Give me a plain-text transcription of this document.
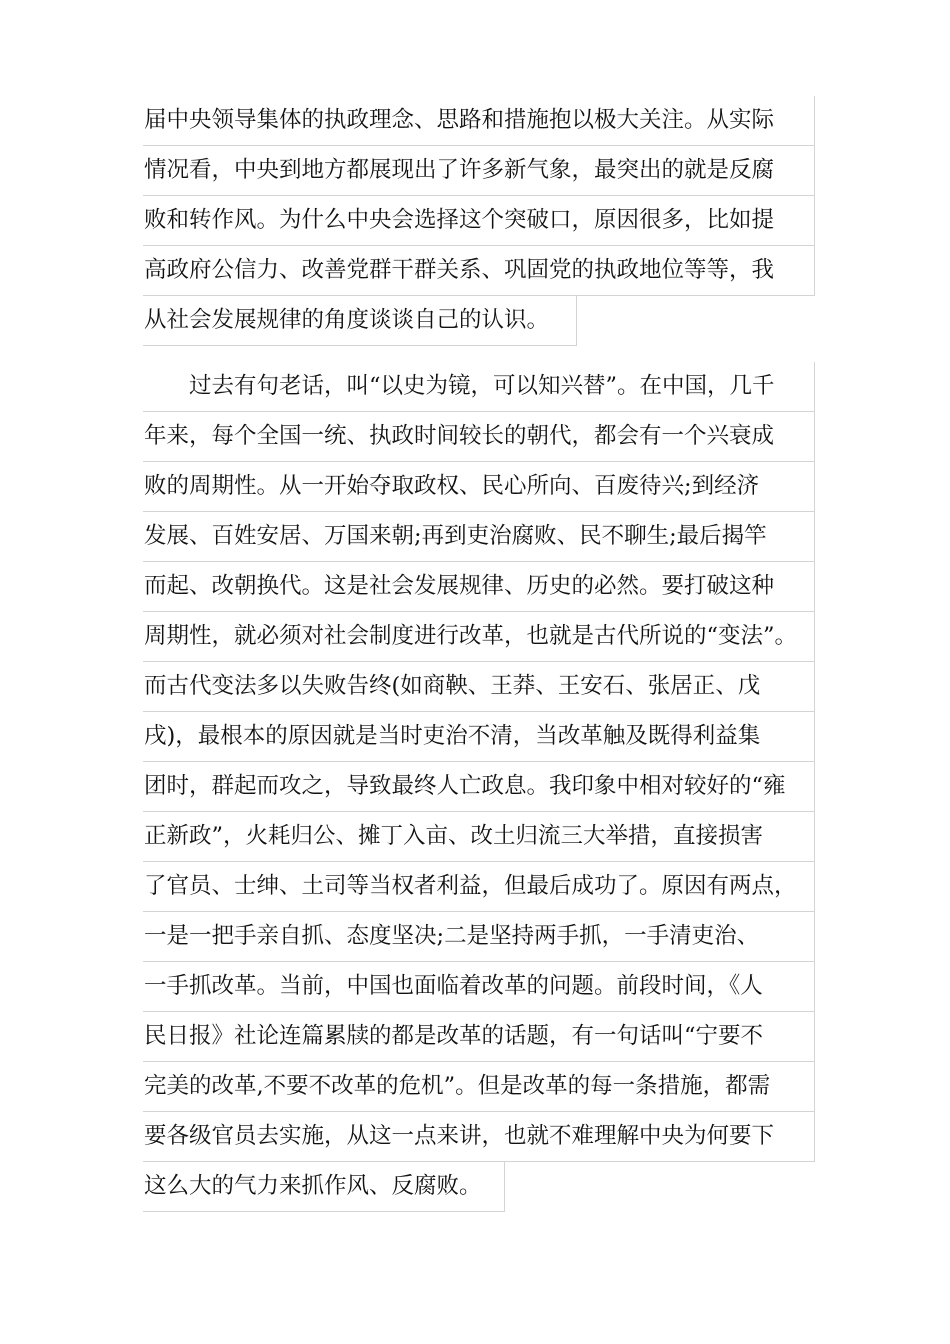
届中央领导集体的执政理念、思路和措施抱以极大关注。从实际
情况看，中央到地方都展现出了许多新气象，最突出的就是反腐
败和转作风。为什么中央会选择这个突破口，原因很多，比如提
高政府公信力、改善党群干群关系、巩固党的执政地位等等，我
从社会发展规律的角度谈谈自己的认识。
过去有句老话，叫“以史为镜，可以知兴替”。在中国，几千
年来，每个全国一统、执政时间较长的朝代，都会有一个兴衰成
败的周期性。从一开始夺取政权、民心所向、百废待兴;到经济
发展、百姓安居、万国来朝;再到吏治腐败、民不聊生;最后揭竿
而起、改朝换代。这是社会发展规律、历史的必然。要打破这种
周期性，就必须对社会制度进行改革，也就是古代所说的“变法”。
而古代变法多以失败告终(如商鞅、王莽、王安石、张居正、戊
戌)，最根本的原因就是当时吏治不清，当改革触及既得利益集
团时，群起而攻之，导致最终人亡政息。我印象中相对较好的“雍
正新政”，火耗归公、摊丁入亩、改土归流三大举措，直接损害
了官员、士绅、土司等当权者利益，但最后成功了。原因有两点，
一是一把手亲自抓、态度坚决;二是坚持两手抓，一手清吏治、
一手抓改革。当前，中国也面临着改革的问题。前段时间，《人
民日报》社论连篇累牍的都是改革的话题，有一句话叫“宁要不
完美的改革,不要不改革的危机”。但是改革的每一条措施，都需
要各级官员去实施，从这一点来讲，也就不难理解中央为何要下
这么大的气力来抓作风、反腐败。
